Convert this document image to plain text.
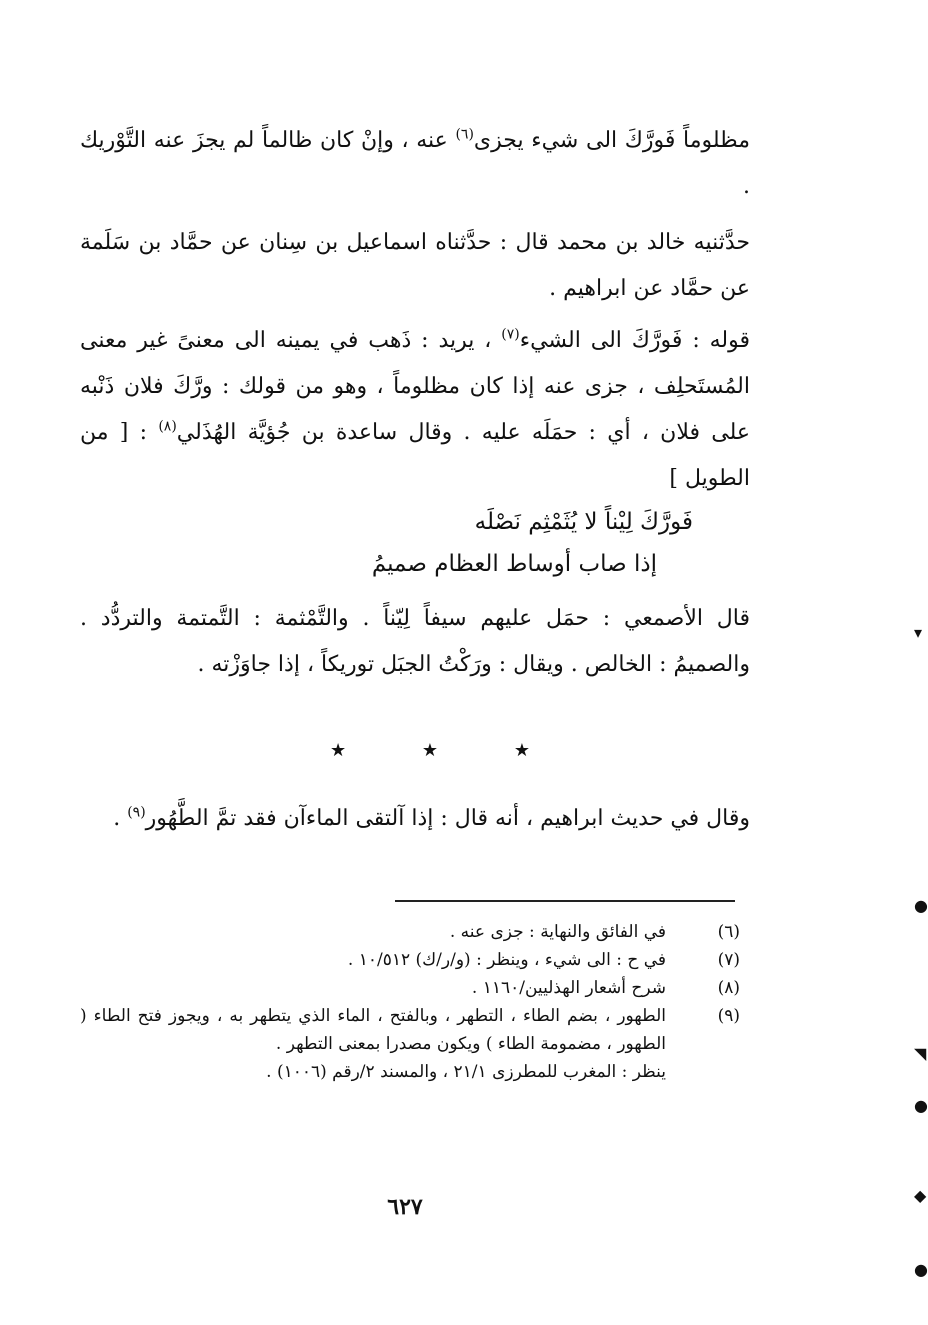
مظلوماً فَورَّكَ الى شيء يجزى$^{(٦)}$ عنه ، وإنْ كان ظالماً لم يجزَ عنه التَّوْريك .

حدَّثنيه خالد بن محمد قال : حدَّثناه اسماعيل بن سِنان عن حمَّاد بن سَلَمة عن حمَّاد عن ابراهيم .

قوله : فَورَّكَ الى الشيء$^{(٧)}$ ، يريد : ذَهب في يمينه الى معنىً غير معنى المُستَحلِف ، جزى عنه إذا كان مظلوماً ، وهو من قولك : ورَّكَ فلان ذَنْبه على فلان ، أي : حمَلَه عليه . وقال ساعدة بن جُؤيَّة الهُذَلي$^{(٨)}$ : [ من الطويل ]

فَورَّكَ لِيْناً لا يُثَمْثِم نَصْلَه

إذا صاب أوساط العظام صميمُ

قال الأصمعي : حمَل عليهم سيفاً لِيّناً . والتَّمْثمة : التَّمتمة والتردُّد . والصميمُ : الخالص . ويقال : ورَكْتُ الجبَل توريكاً ، إذا جاوَزْته .

★	★	★

وقال في حديث ابراهيم ، أنه قال : إذا آلتقى الماءآن فقد تمَّ الطَّهُور$^{(٩)}$ .

(٦)
في الفائق والنهاية : جزى عنه .
(٧)
في ح : الى شيء ، وينظر : (و/ر/ك) ١٠/٥١٢ .
(٨)
شرح أشعار الهذليين/١١٦٠ .
(٩)
الطهور ، بضم الطاء ، التطهر ، وبالفتح ، الماء الذي يتطهر به ، ويجوز فتح الطاء ( الطهور ، مضمومة الطاء ) ويكون مصدرا بمعنى التطهر .
ينظر : المغرب للمطرزى ٢١/١ ، والمسند ٢/رقم (١٠٠٦) .
٦٢٧
▾
●
◥
●
◆
●
